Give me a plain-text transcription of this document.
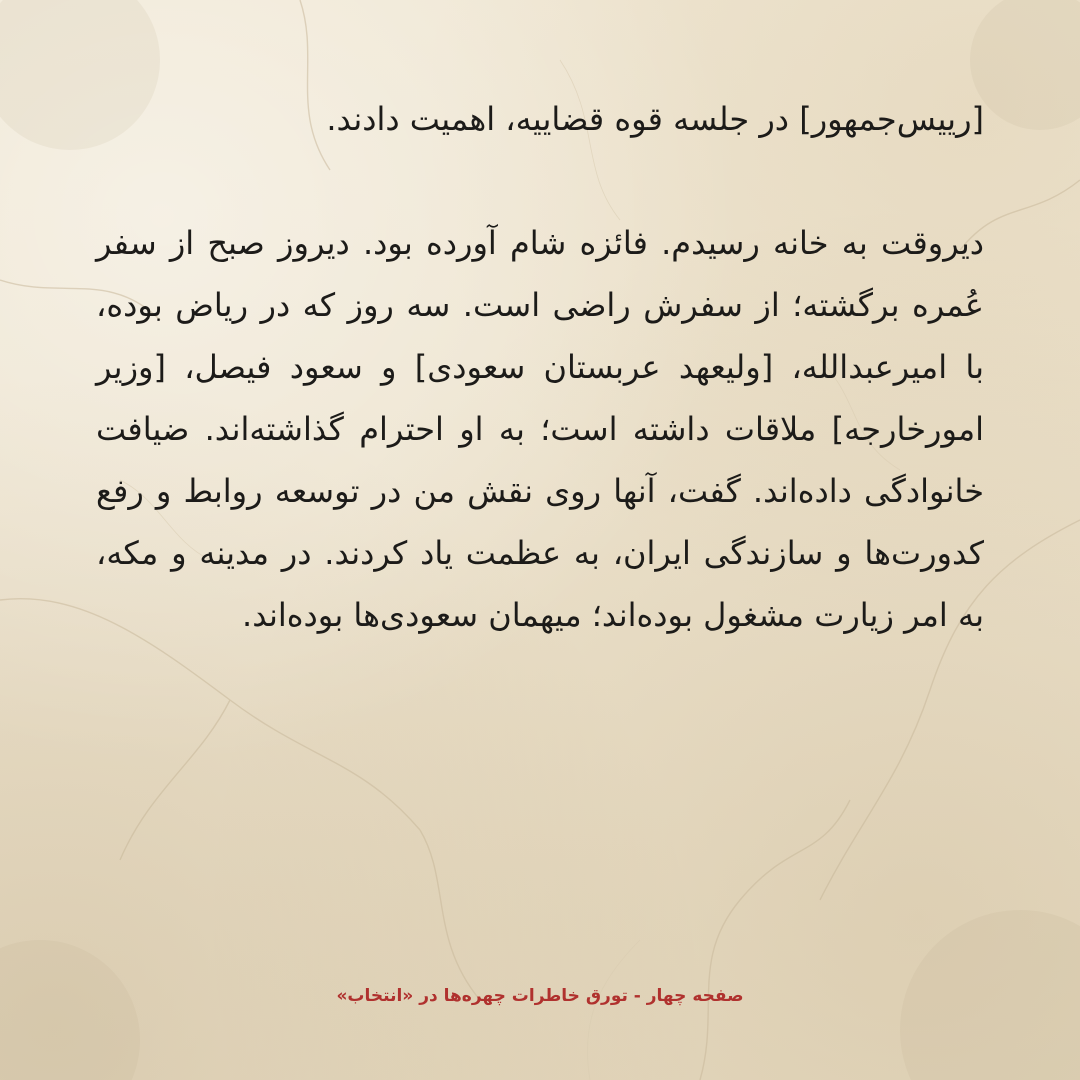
[رییس‌جمهور] در جلسه قوه قضاییه، اهمیت دادند.

دیروقت به خانه رسیدم. فائزه شام آورده بود. دیروز صبح از سفر عُمره برگشته؛ از سفرش راضی است. سه روز که در ریاض بوده، با امیرعبدالله، [ولیعهد عربستان سعودی] و سعود فیصل، [وزیر امورخارجه] ملاقات داشته است؛ به او احترام گذاشته‌اند. ضیافت خانوادگی داده‌اند. گفت، آنها روی نقش من در توسعه روابط و رفع کدورت‌ها و سازندگی ایران، به عظمت یاد کردند. در مدینه و مکه، به امر زیارت مشغول بوده‌اند؛ میهمان سعودی‌ها بوده‌اند.

صفحه چهار - تورق خاطرات چهره‌ها در «انتخاب»
